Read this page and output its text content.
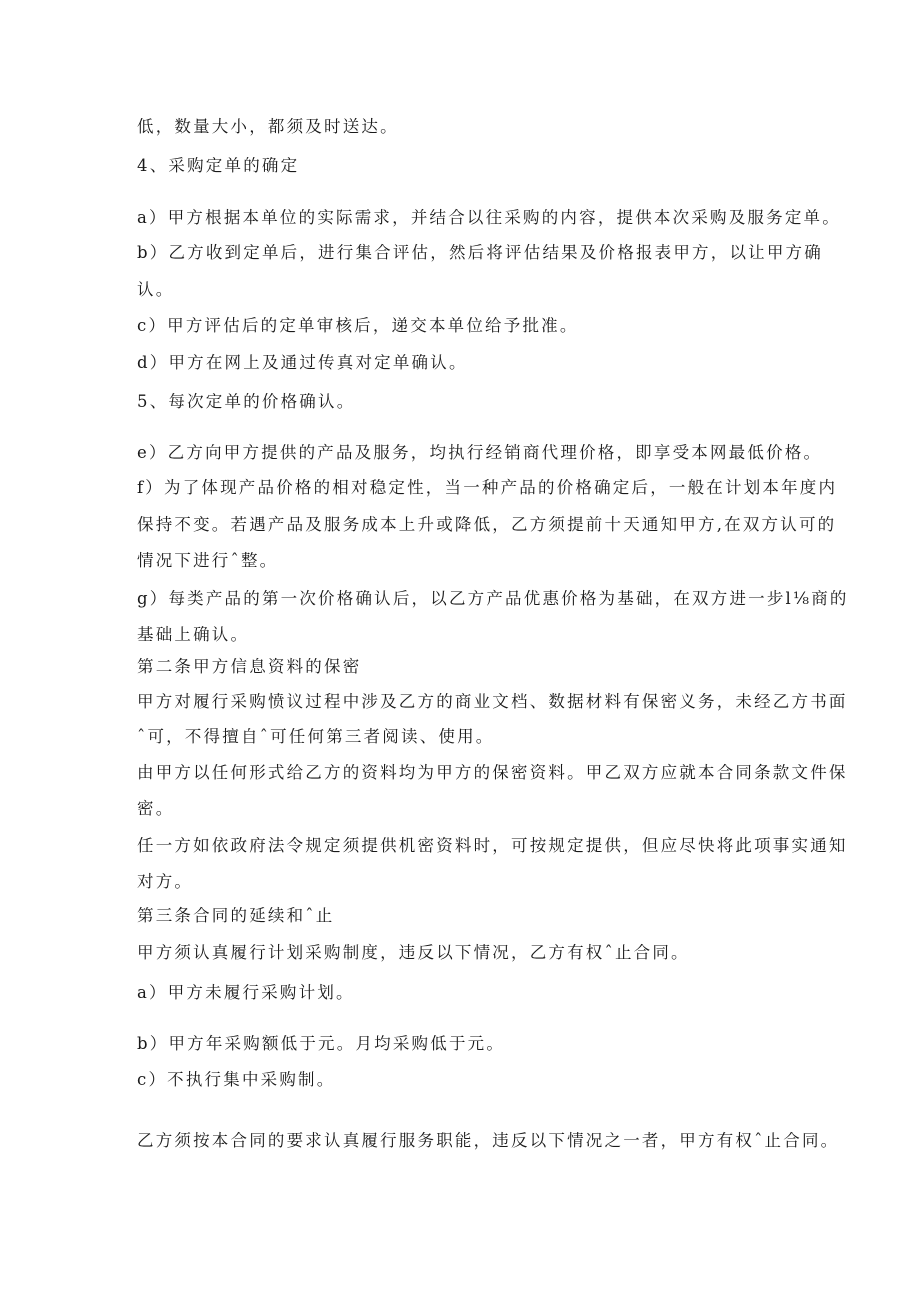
低，数量大小，都须及时送达。

4、采购定单的确定

a）甲方根据本单位的实际需求，并结合以往采购的内容，提供本次采购及服务定单。

b）乙方收到定单后，进行集合评估，然后将评估结果及价格报表甲方，以让甲方确

认。

c）甲方评估后的定单审核后，递交本单位给予批准。

d）甲方在网上及通过传真对定单确认。

5、每次定单的价格确认。

e）乙方向甲方提供的产品及服务，均执行经销商代理价格，即享受本网最低价格。

f）为了体现产品价格的相对稳定性，当一种产品的价格确定后，一般在计划本年度内

保持不变。若遇产品及服务成本上升或降低，乙方须提前十天通知甲方,在双方认可的

情况下进行ˆ整。

g）每类产品的第一次价格确认后，以乙方产品优惠价格为基础，在双方进一步l⅛商的

基础上确认。

第二条甲方信息资料的保密

甲方对履行采购愤议过程中涉及乙方的商业文档、数据材料有保密义务，未经乙方书面

ˆ可，不得擅自ˆ可任何第三者阅读、使用。

由甲方以任何形式给乙方的资料均为甲方的保密资料。甲乙双方应就本合同条款文件保

密。

任一方如依政府法令规定须提供机密资料时，可按规定提供，但应尽快将此项事实通知

对方。

第三条合同的延续和ˆ止

甲方须认真履行计划采购制度，违反以下情况，乙方有权ˆ止合同。

a）甲方未履行采购计划。

b）甲方年采购额低于元。月均采购低于元。

c）不执行集中采购制。

乙方须按本合同的要求认真履行服务职能，违反以下情况之一者，甲方有权ˆ止合同。
